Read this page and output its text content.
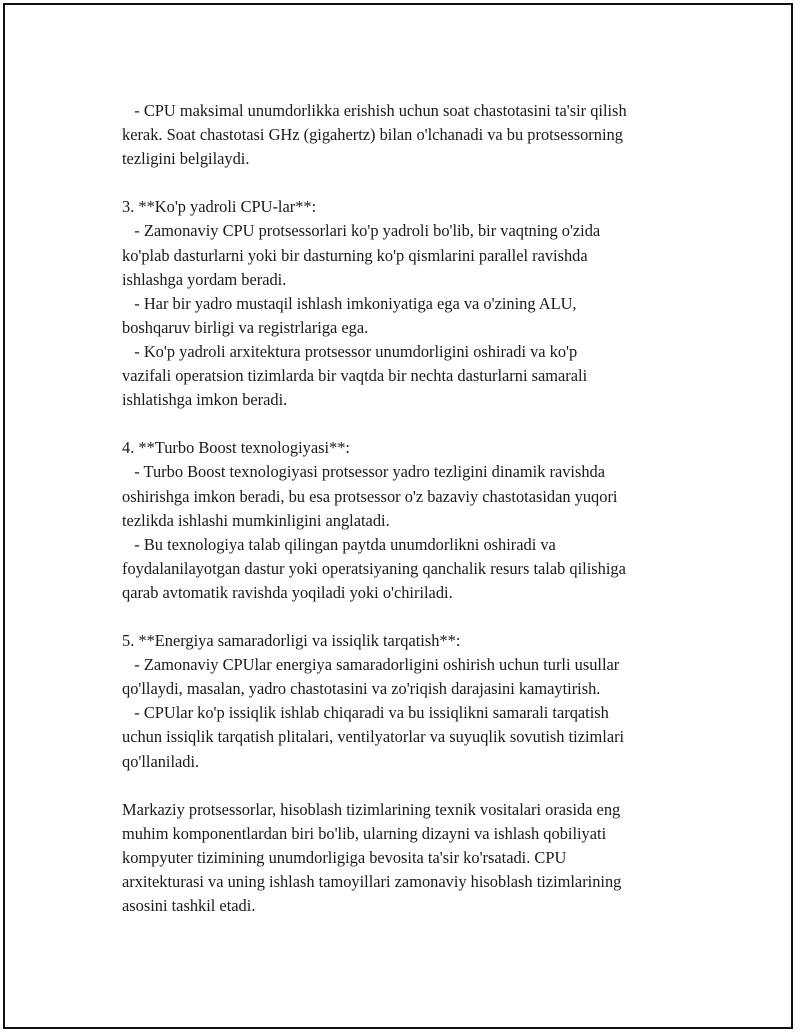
- CPU maksimal unumdorlikka erishish uchun soat chastotasini ta'sir qilish
kerak. Soat chastotasi GHz (gigahertz) bilan o'lchanadi va bu protsessorning
tezligini belgilaydi.
3. **Ko'p yadroli CPU-lar**:
- Zamonaviy CPU protsessorlari ko'p yadroli bo'lib, bir vaqtning o'zida
ko'plab dasturlarni yoki bir dasturning ko'p qismlarini parallel ravishda
ishlashga yordam beradi.
- Har bir yadro mustaqil ishlash imkoniyatiga ega va o'zining ALU,
boshqaruv birligi va registrlariga ega.
- Ko'p yadroli arxitektura protsessor unumdorligini oshiradi va ko'p
vazifali operatsion tizimlarda bir vaqtda bir nechta dasturlarni samarali
ishlatishga imkon beradi.
4. **Turbo Boost texnologiyasi**:
- Turbo Boost texnologiyasi protsessor yadro tezligini dinamik ravishda
oshirishga imkon beradi, bu esa protsessor o'z bazaviy chastotasidan yuqori
tezlikda ishlashi mumkinligini anglatadi.
- Bu texnologiya talab qilingan paytda unumdorlikni oshiradi va
foydalanilayotgan dastur yoki operatsiyaning qanchalik resurs talab qilishiga
qarab avtomatik ravishda yoqiladi yoki o'chiriladi.
5. **Energiya samaradorligi va issiqlik tarqatish**:
- Zamonaviy CPUlar energiya samaradorligini oshirish uchun turli usullar
qo'llaydi, masalan, yadro chastotasini va zo'riqish darajasini kamaytirish.
- CPUlar ko'p issiqlik ishlab chiqaradi va bu issiqlikni samarali tarqatish
uchun issiqlik tarqatish plitalari, ventilyatorlar va suyuqlik sovutish tizimlari
qo'llaniladi.
Markaziy protsessorlar, hisoblash tizimlarining texnik vositalari orasida eng
muhim komponentlardan biri bo'lib, ularning dizayni va ishlash qobiliyati
kompyuter tizimining unumdorligiga bevosita ta'sir ko'rsatadi. CPU
arxitekturasi va uning ishlash tamoyillari zamonaviy hisoblash tizimlarining
asosini tashkil etadi.
